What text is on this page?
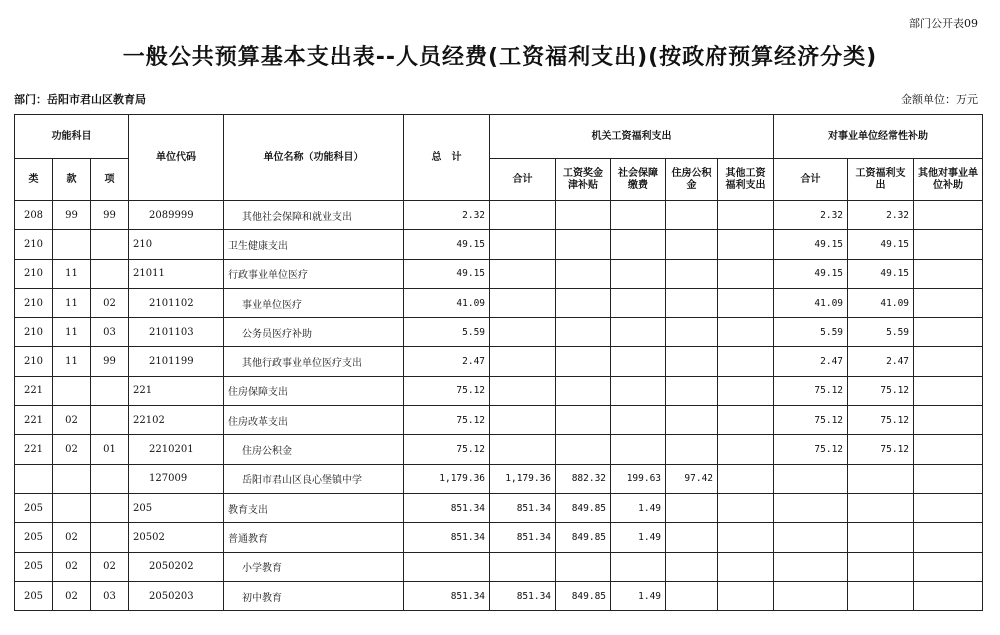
部门公开表09
一般公共预算基本支出表--人员经费(工资福利支出)(按政府预算经济分类)
部门：岳阳市君山区教育局	金额单位：万元
功能科目			单位代码	单位名称（功能科目）	总　计	机关工资福利支出					对事业单位经常性补助		
类	款	项				合计	工资奖金津补贴	社会保障缴费	住房公积金	其他工资福利支出	合计	工资福利支出	其他对事业单位补助
208	99	99	2089999	其他社会保障和就业支出	2.32						2.32	2.32	
210			210	卫生健康支出	49.15						49.15	49.15	
210	11		21011	行政事业单位医疗	49.15						49.15	49.15	
210	11	02	2101102	事业单位医疗	41.09						41.09	41.09	
210	11	03	2101103	公务员医疗补助	5.59						5.59	5.59	
210	11	99	2101199	其他行政事业单位医疗支出	2.47						2.47	2.47	
221			221	住房保障支出	75.12						75.12	75.12	
221	02		22102	住房改革支出	75.12						75.12	75.12	
221	02	01	2210201	住房公积金	75.12						75.12	75.12	
			127009	岳阳市君山区良心堡镇中学	1,179.36	1,179.36	882.32	199.63	97.42				
205			205	教育支出	851.34	851.34	849.85	1.49					
205	02		20502	普通教育	851.34	851.34	849.85	1.49					
205	02	02	2050202	小学教育									
205	02	03	2050203	初中教育	851.34	851.34	849.85	1.49					
